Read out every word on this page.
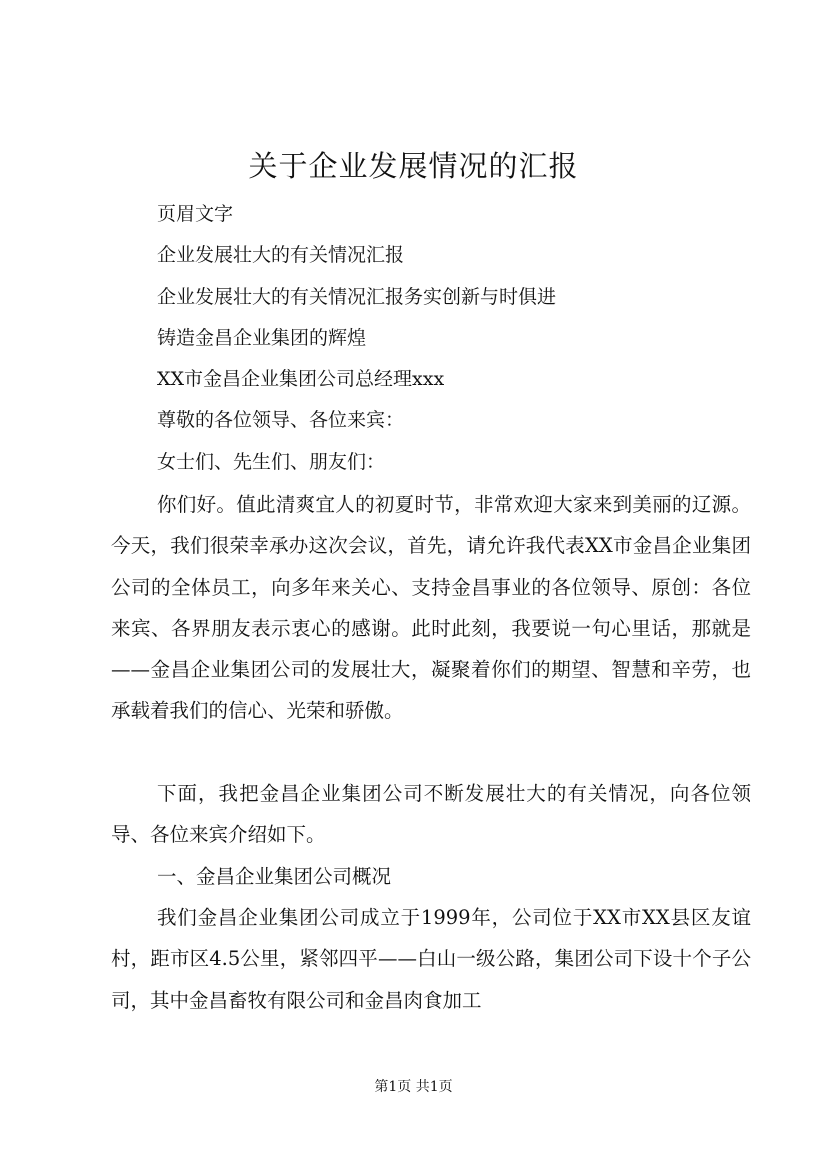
关于企业发展情况的汇报

页眉文字

企业发展壮大的有关情况汇报

企业发展壮大的有关情况汇报务实创新与时俱进

铸造金昌企业集团的辉煌

XX市金昌企业集团公司总经理xxx

尊敬的各位领导、各位来宾：

女士们、先生们、朋友们：

你们好。值此清爽宜人的初夏时节，非常欢迎大家来到美丽的辽源。今天，我们很荣幸承办这次会议，首先，请允许我代表XX市金昌企业集团公司的全体员工，向多年来关心、支持金昌事业的各位领导、原创：各位来宾、各界朋友表示衷心的感谢。此时此刻，我要说一句心里话，那就是——金昌企业集团公司的发展壮大，凝聚着你们的期望、智慧和辛劳，也承载着我们的信心、光荣和骄傲。

下面，我把金昌企业集团公司不断发展壮大的有关情况，向各位领导、各位来宾介绍如下。

一、金昌企业集团公司概况

我们金昌企业集团公司成立于1999年，公司位于XX市XX县区友谊村，距市区4.5公里，紧邻四平——白山一级公路，集团公司下设十个子公司，其中金昌畜牧有限公司和金昌肉食加工

第1页 共1页
